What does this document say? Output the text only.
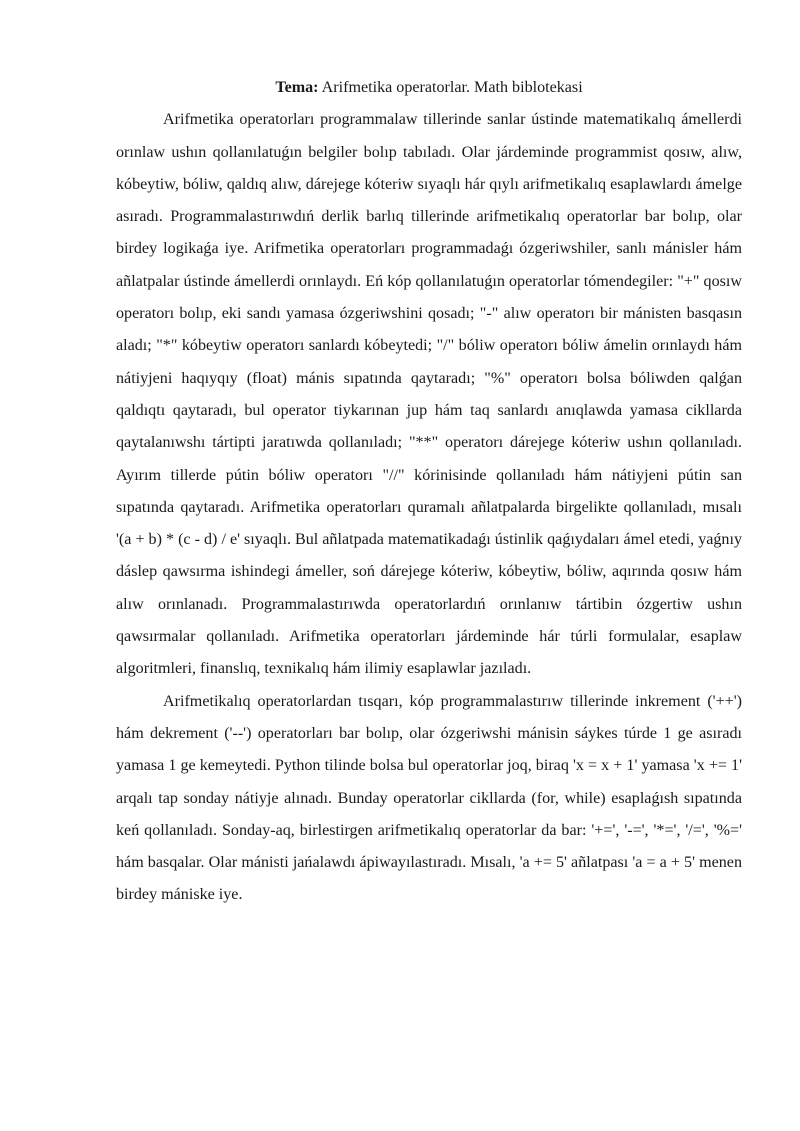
Tema: Arifmetika operatorlar. Math biblotekasi

Arifmetika operatorları programmalaw tillerinde sanlar ústinde matematikalıq ámellerdi orınlaw ushın qollanılatuǵın belgiler bolıp tabıladı. Olar járdeminde programmist qosıw, alıw, kóbeytiw, bóliw, qaldıq alıw, dárejege kóteriw sıyaqlı hár qıylı arifmetikalıq esaplawlardı ámelge asıradı. Programmalastırıwdıń derlik barlıq tillerinde arifmetikalıq operatorlar bar bolıp, olar birdey logikaǵa iye. Arifmetika operatorları programmadaǵı ózgeriwshiler, sanlı mánisler hám añlatpalar ústinde ámellerdi orınlaydı. Eń kóp qollanılatuǵın operatorlar tómendegiler: "+" qosıw operatorı bolıp, eki sandı yamasa ózgeriwshini qosadı; "-" alıw operatorı bir mánisten basqasın aladı; "*" kóbeytiw operatorı sanlardı kóbeytedi; "/" bóliw operatorı bóliw ámelin orınlaydı hám nátiyjeni haqıyqıy (float) mánis sıpatında qaytaradı; "%" operatorı bolsa bóliwden qalǵan qaldıqtı qaytaradı, bul operator tiykarınan jup hám taq sanlardı anıqlawda yamasa cikllarda qaytalanıwshı tártipti jaratıwda qollanıladı; "**" operatorı dárejege kóteriw ushın qollanıladı. Ayırım tillerde pútin bóliw operatorı "//" kórinisinde qollanıladı hám nátiyjeni pútin san sıpatında qaytaradı. Arifmetika operatorları quramalı añlatpalarda birgelikte qollanıladı, mısalı '(a + b) * (c - d) / e' sıyaqlı. Bul añlatpada matematikadaǵı ústinlik qaǵıydaları ámel etedi, yaǵnıy dáslep qawsırma ishindegi ámeller, soń dárejege kóteriw, kóbeytiw, bóliw, aqırında qosıw hám alıw orınlanadı. Programmalastırıwda operatorlardıń orınlanıw tártibin ózgertiw ushın qawsırmalar qollanıladı. Arifmetika operatorları járdeminde hár túrli formulalar, esaplaw algoritmleri, finanslıq, texnikalıq hám ilimiy esaplawlar jazıladı.

Arifmetikalıq operatorlardan tısqarı, kóp programmalastırıw tillerinde inkrement ('++') hám dekrement ('--') operatorları bar bolıp, olar ózgeriwshi mánisin sáykes túrde 1 ge asıradı yamasa 1 ge kemeytedi. Python tilinde bolsa bul operatorlar joq, biraq 'x = x + 1' yamasa 'x += 1' arqalı tap sonday nátiyje alınadı. Bunday operatorlar cikllarda (for, while) esaplaǵısh sıpatında keń qollanıladı. Sonday-aq, birlestirgen arifmetikalıq operatorlar da bar: '+=', '-=', '*=', '/=', '%=' hám basqalar. Olar mánisti jańalawdı ápiwayılastıradı. Mısalı, 'a += 5' añlatpası 'a = a + 5' menen birdey mániske iye.
